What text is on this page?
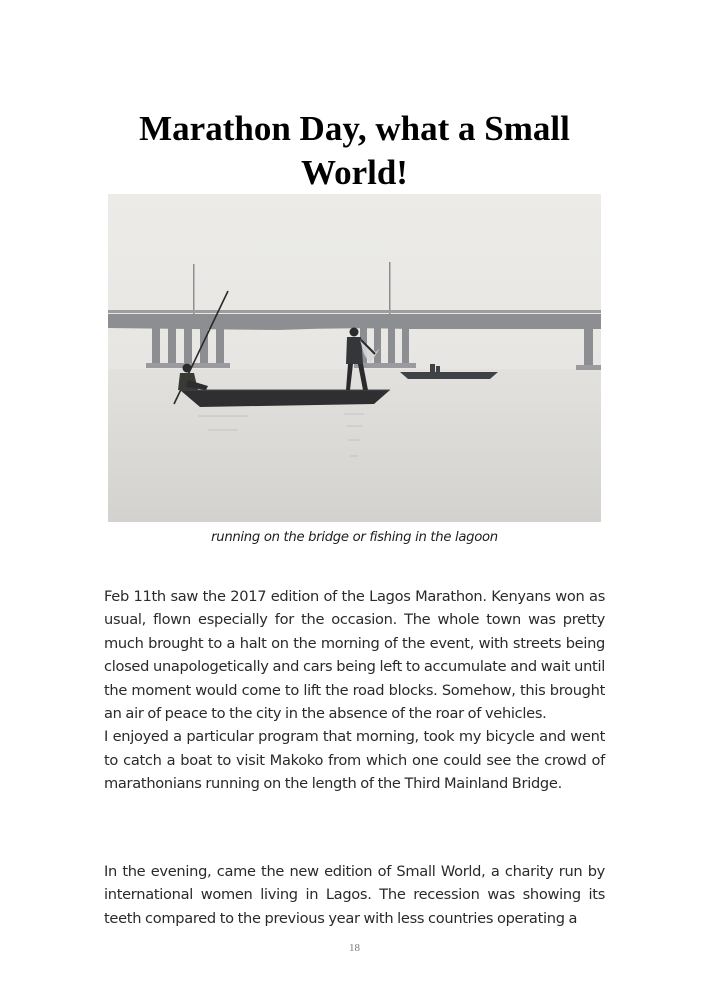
Marathon Day, what a Small World!
running on the bridge or fishing in the lagoon

Feb 11th saw the 2017 edition of the Lagos Marathon. Kenyans won as usual, flown especially for the occasion. The whole town was pretty much brought to a halt on the morning of the event, with streets being closed unapologetically and cars being left to accumulate and wait until the moment would come to lift the road blocks. Somehow, this brought an air of peace to the city in the absence of the roar of vehicles.

I enjoyed a particular program that morning, took my bicycle and went to catch a boat to visit Makoko from which one could see the crowd of marathonians running on the length of the Third Mainland Bridge.

In the evening, came the new edition of Small World, a charity run by international women living in Lagos. The recession was showing its teeth compared to the previous year with less countries operating a

18
